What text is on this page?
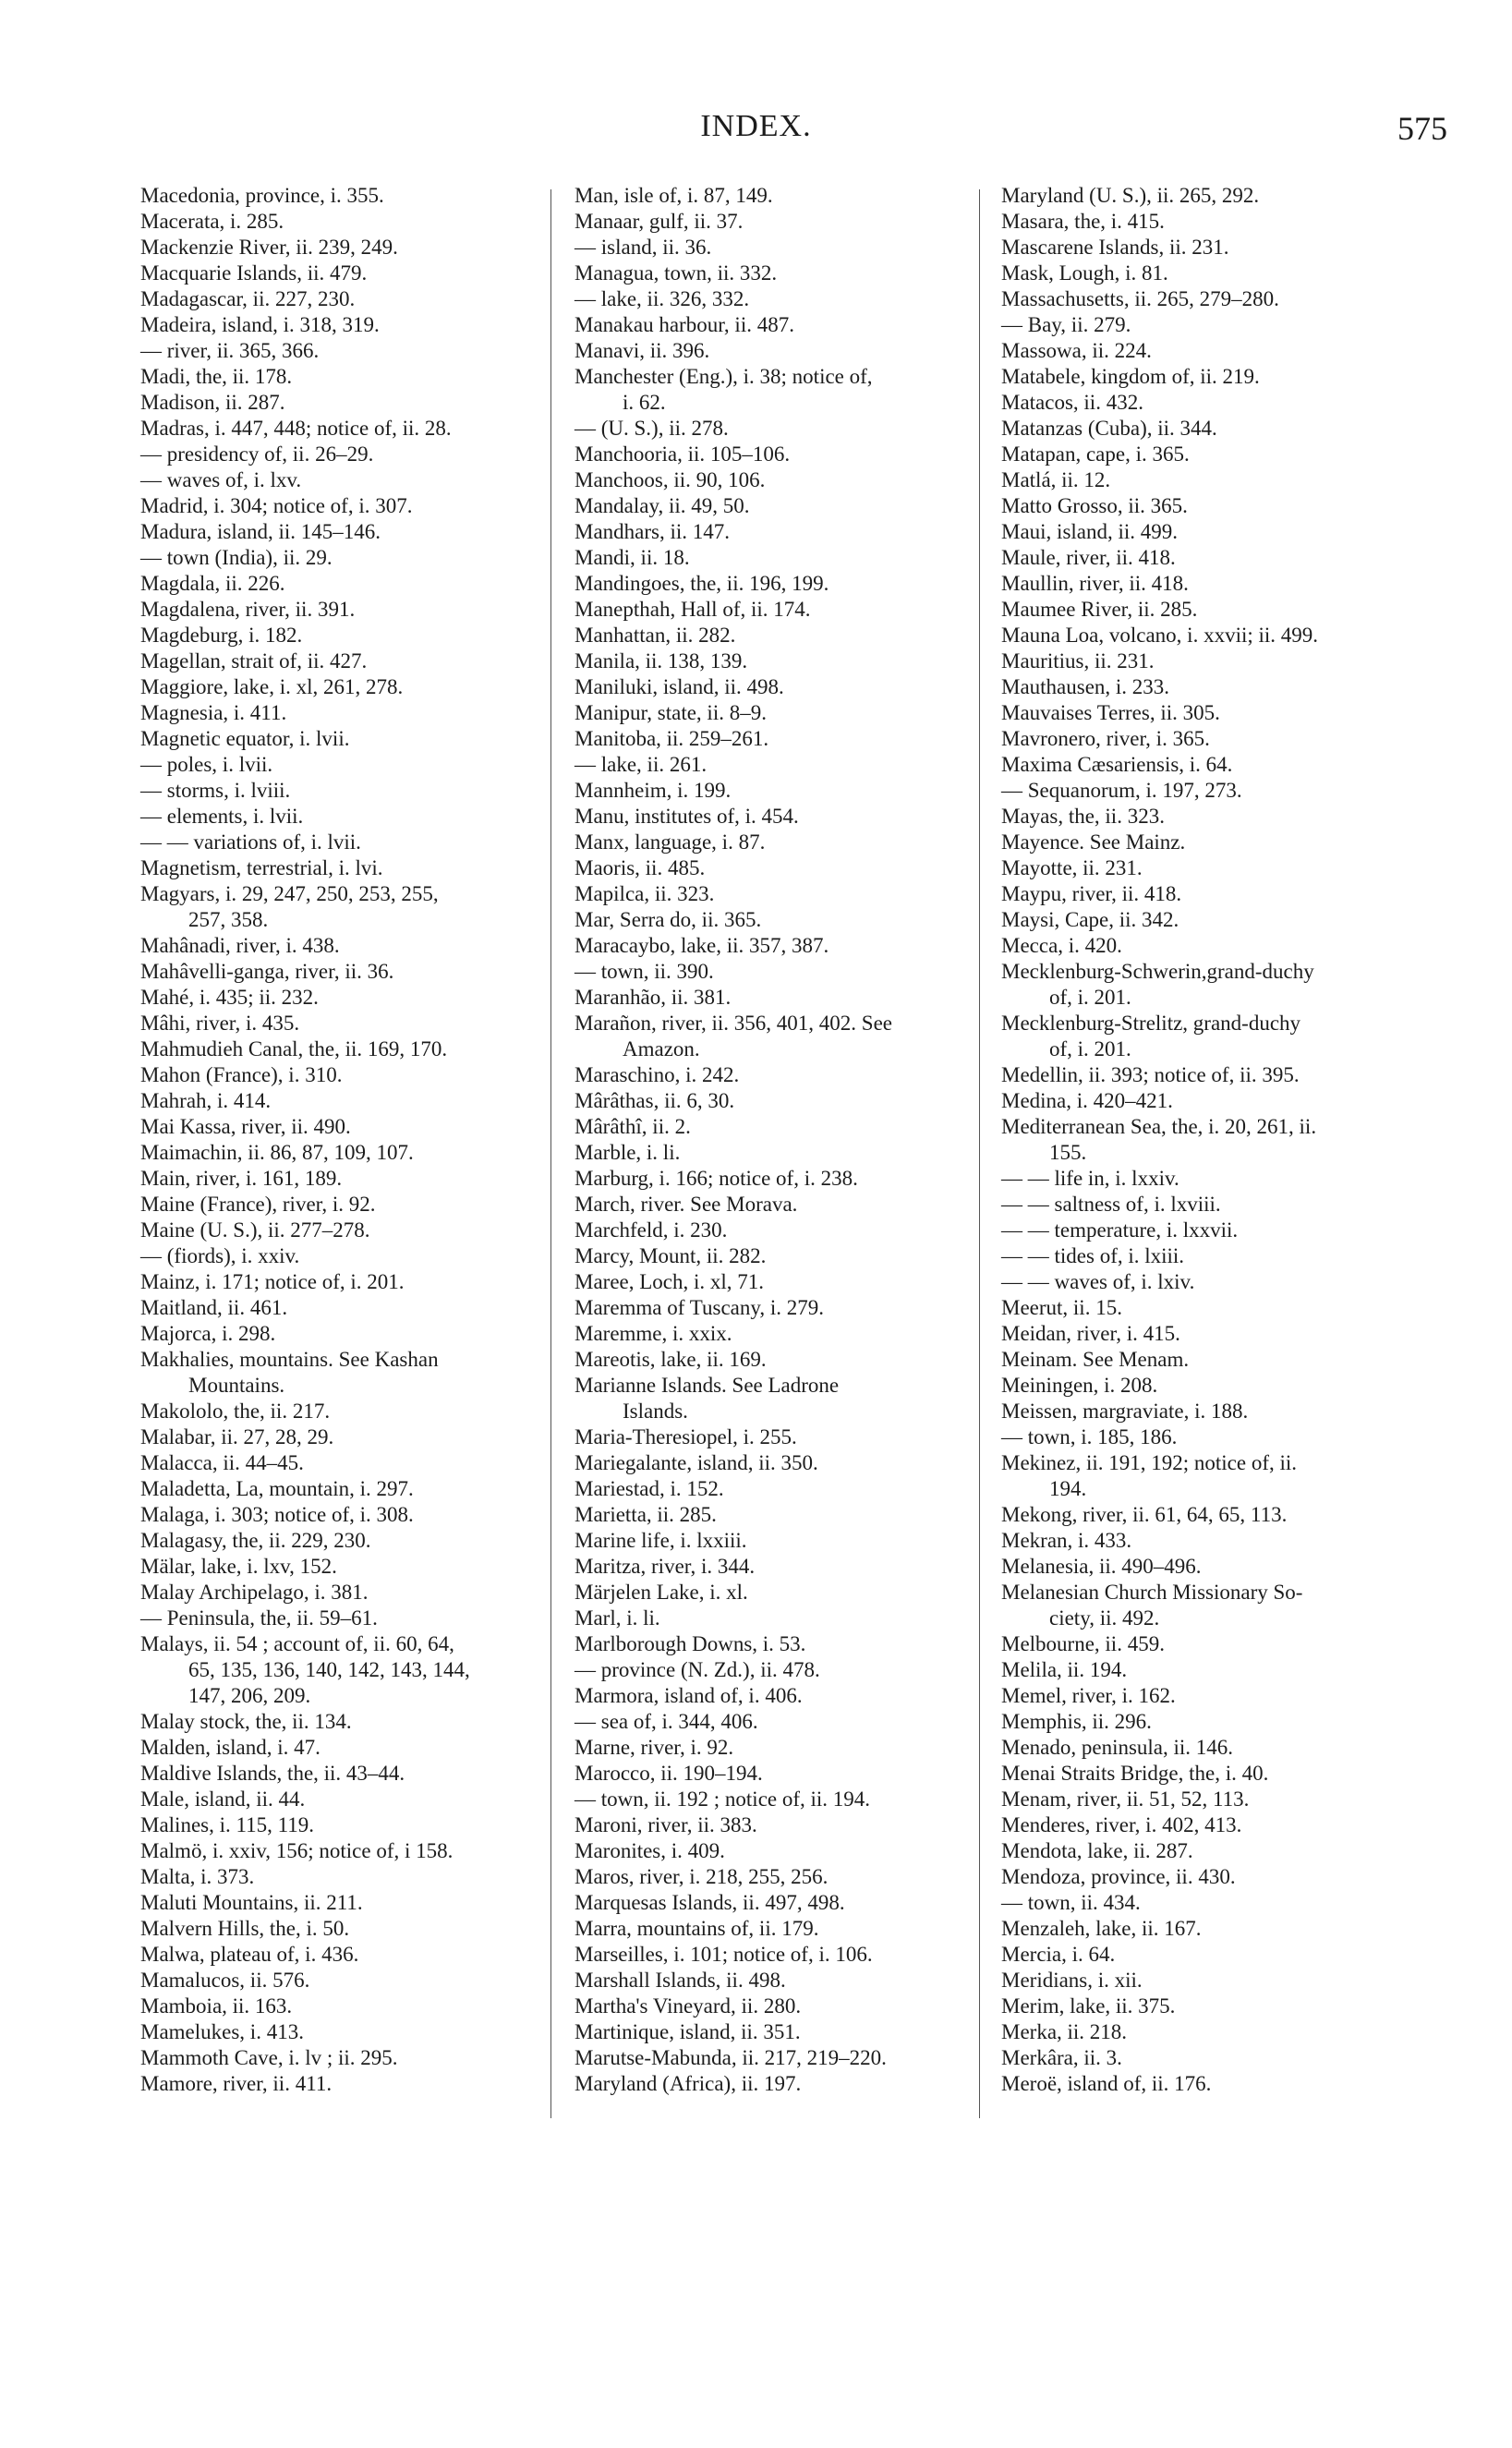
INDEX.	575
Macedonia, province, i. 355.
Macerata, i. 285.
Mackenzie River, ii. 239, 249.
Macquarie Islands, ii. 479.
Madagascar, ii. 227, 230.
Madeira, island, i. 318, 319.
— river, ii. 365, 366.
Madi, the, ii. 178.
Madison, ii. 287.
Madras, i. 447, 448; notice of, ii. 28.
— presidency of, ii. 26–29.
— waves of, i. lxv.
Madrid, i. 304; notice of, i. 307.
Madura, island, ii. 145–146.
— town (India), ii. 29.
Magdala, ii. 226.
Magdalena, river, ii. 391.
Magdeburg, i. 182.
Magellan, strait of, ii. 427.
Maggiore, lake, i. xl, 261, 278.
Magnesia, i. 411.
Magnetic equator, i. lvii.
— poles, i. lvii.
— storms, i. lviii.
— elements, i. lvii.
— — variations of, i. lvii.
Magnetism, terrestrial, i. lvi.
Magyars, i. 29, 247, 250, 253, 255,
257, 358.
Mahânadi, river, i. 438.
Mahâvelli-ganga, river, ii. 36.
Mahé, i. 435; ii. 232.
Mâhi, river, i. 435.
Mahmudieh Canal, the, ii. 169, 170.
Mahon (France), i. 310.
Mahrah, i. 414.
Mai Kassa, river, ii. 490.
Maimachin, ii. 86, 87, 109, 107.
Main, river, i. 161, 189.
Maine (France), river, i. 92.
Maine (U. S.), ii. 277–278.
— (fiords), i. xxiv.
Mainz, i. 171; notice of, i. 201.
Maitland, ii. 461.
Majorca, i. 298.
Makhalies, mountains. See Kashan
Mountains.
Makololo, the, ii. 217.
Malabar, ii. 27, 28, 29.
Malacca, ii. 44–45.
Maladetta, La, mountain, i. 297.
Malaga, i. 303; notice of, i. 308.
Malagasy, the, ii. 229, 230.
Mälar, lake, i. lxv, 152.
Malay Archipelago, i. 381.
— Peninsula, the, ii. 59–61.
Malays, ii. 54 ; account of, ii. 60, 64,
65, 135, 136, 140, 142, 143, 144,
147, 206, 209.
Malay stock, the, ii. 134.
Malden, island, i. 47.
Maldive Islands, the, ii. 43–44.
Male, island, ii. 44.
Malines, i. 115, 119.
Malmö, i. xxiv, 156; notice of, i 158.
Malta, i. 373.
Maluti Mountains, ii. 211.
Malvern Hills, the, i. 50.
Malwa, plateau of, i. 436.
Mamalucos, ii. 576.
Mamboia, ii. 163.
Mamelukes, i. 413.
Mammoth Cave, i. lv ; ii. 295.
Mamore, river, ii. 411.
Man, isle of, i. 87, 149.
Manaar, gulf, ii. 37.
— island, ii. 36.
Managua, town, ii. 332.
— lake, ii. 326, 332.
Manakau harbour, ii. 487.
Manavi, ii. 396.
Manchester (Eng.), i. 38; notice of,
i. 62.
— (U. S.), ii. 278.
Manchooria, ii. 105–106.
Manchoos, ii. 90, 106.
Mandalay, ii. 49, 50.
Mandhars, ii. 147.
Mandi, ii. 18.
Mandingoes, the, ii. 196, 199.
Manepthah, Hall of, ii. 174.
Manhattan, ii. 282.
Manila, ii. 138, 139.
Maniluki, island, ii. 498.
Manipur, state, ii. 8–9.
Manitoba, ii. 259–261.
— lake, ii. 261.
Mannheim, i. 199.
Manu, institutes of, i. 454.
Manx, language, i. 87.
Maoris, ii. 485.
Mapilca, ii. 323.
Mar, Serra do, ii. 365.
Maracaybo, lake, ii. 357, 387.
— town, ii. 390.
Maranhão, ii. 381.
Marañon, river, ii. 356, 401, 402. See
Amazon.
Maraschino, i. 242.
Mârâthas, ii. 6, 30.
Mârâthî, ii. 2.
Marble, i. li.
Marburg, i. 166; notice of, i. 238.
March, river. See Morava.
Marchfeld, i. 230.
Marcy, Mount, ii. 282.
Maree, Loch, i. xl, 71.
Maremma of Tuscany, i. 279.
Maremme, i. xxix.
Mareotis, lake, ii. 169.
Marianne Islands. See Ladrone
Islands.
Maria-Theresiopel, i. 255.
Mariegalante, island, ii. 350.
Mariestad, i. 152.
Marietta, ii. 285.
Marine life, i. lxxiii.
Maritza, river, i. 344.
Märjelen Lake, i. xl.
Marl, i. li.
Marlborough Downs, i. 53.
— province (N. Zd.), ii. 478.
Marmora, island of, i. 406.
— sea of, i. 344, 406.
Marne, river, i. 92.
Marocco, ii. 190–194.
— town, ii. 192 ; notice of, ii. 194.
Maroni, river, ii. 383.
Maronites, i. 409.
Maros, river, i. 218, 255, 256.
Marquesas Islands, ii. 497, 498.
Marra, mountains of, ii. 179.
Marseilles, i. 101; notice of, i. 106.
Marshall Islands, ii. 498.
Martha's Vineyard, ii. 280.
Martinique, island, ii. 351.
Marutse-Mabunda, ii. 217, 219–220.
Maryland (Africa), ii. 197.
Maryland (U. S.), ii. 265, 292.
Masara, the, i. 415.
Mascarene Islands, ii. 231.
Mask, Lough, i. 81.
Massachusetts, ii. 265, 279–280.
— Bay, ii. 279.
Massowa, ii. 224.
Matabele, kingdom of, ii. 219.
Matacos, ii. 432.
Matanzas (Cuba), ii. 344.
Matapan, cape, i. 365.
Matlá, ii. 12.
Matto Grosso, ii. 365.
Maui, island, ii. 499.
Maule, river, ii. 418.
Maullin, river, ii. 418.
Maumee River, ii. 285.
Mauna Loa, volcano, i. xxvii; ii. 499.
Mauritius, ii. 231.
Mauthausen, i. 233.
Mauvaises Terres, ii. 305.
Mavronero, river, i. 365.
Maxima Cæsariensis, i. 64.
— Sequanorum, i. 197, 273.
Mayas, the, ii. 323.
Mayence. See Mainz.
Mayotte, ii. 231.
Maypu, river, ii. 418.
Maysi, Cape, ii. 342.
Mecca, i. 420.
Mecklenburg-Schwerin,grand-duchy
of, i. 201.
Mecklenburg-Strelitz, grand-duchy
of, i. 201.
Medellin, ii. 393; notice of, ii. 395.
Medina, i. 420–421.
Mediterranean Sea, the, i. 20, 261, ii.
155.
— — life in, i. lxxiv.
— — saltness of, i. lxviii.
— — temperature, i. lxxvii.
— — tides of, i. lxiii.
— — waves of, i. lxiv.
Meerut, ii. 15.
Meidan, river, i. 415.
Meinam. See Menam.
Meiningen, i. 208.
Meissen, margraviate, i. 188.
— town, i. 185, 186.
Mekinez, ii. 191, 192; notice of, ii.
194.
Mekong, river, ii. 61, 64, 65, 113.
Mekran, i. 433.
Melanesia, ii. 490–496.
Melanesian Church Missionary So-
ciety, ii. 492.
Melbourne, ii. 459.
Melila, ii. 194.
Memel, river, i. 162.
Memphis, ii. 296.
Menado, peninsula, ii. 146.
Menai Straits Bridge, the, i. 40.
Menam, river, ii. 51, 52, 113.
Menderes, river, i. 402, 413.
Mendota, lake, ii. 287.
Mendoza, province, ii. 430.
— town, ii. 434.
Menzaleh, lake, ii. 167.
Mercia, i. 64.
Meridians, i. xii.
Merim, lake, ii. 375.
Merka, ii. 218.
Merkâra, ii. 3.
Meroë, island of, ii. 176.
